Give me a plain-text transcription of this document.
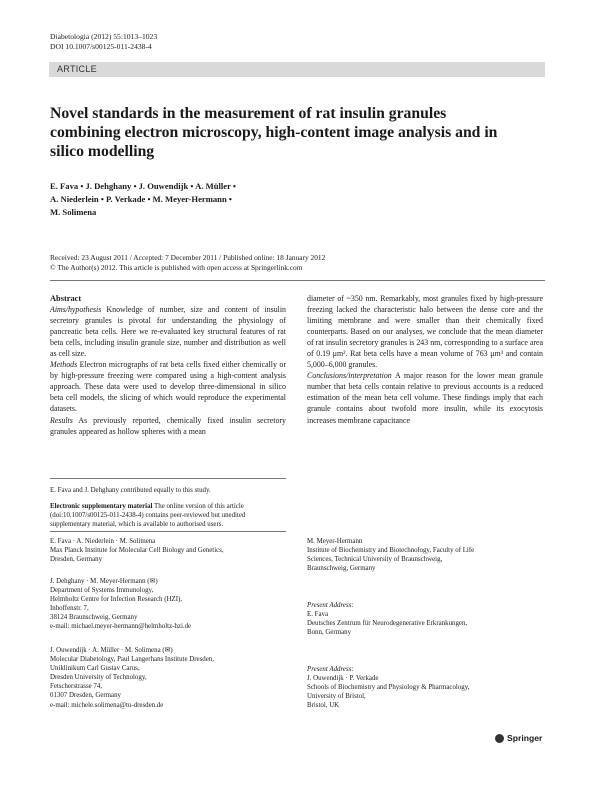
Diabetologia (2012) 55:1013–1023
DOI 10.1007/s00125-011-2438-4
ARTICLE
Novel standards in the measurement of rat insulin granules combining electron microscopy, high-content image analysis and in silico modelling
E. Fava • J. Dehghany • J. Ouwendijk • A. Müller •
A. Niederlein • P. Verkade • M. Meyer-Hermann •
M. Solimena
Received: 23 August 2011 / Accepted: 7 December 2011 / Published online: 18 January 2012
© The Author(s) 2012. This article is published with open access at Springerlink.com

Abstract

Aims/hypothesis Knowledge of number, size and content of insulin secretory granules is pivotal for understanding the physiology of pancreatic beta cells. Here we re-evaluated key structural features of rat beta cells, including insulin granule size, number and distribution as well as cell size.

Methods Electron micrographs of rat beta cells fixed either chemically or by high-pressure freezing were compared using a high-content analysis approach. These data were used to develop three-dimensional in silico beta cell models, the slicing of which would reproduce the experimental datasets.

Results As previously reported, chemically fixed insulin secretory granules appeared as hollow spheres with a mean

diameter of ~350 nm. Remarkably, most granules fixed by high-pressure freezing lacked the characteristic halo between the dense core and the limiting membrane and were smaller than their chemically fixed counterparts. Based on our analyses, we conclude that the mean diameter of rat insulin secretory granules is 243 nm, corresponding to a surface area of 0.19 μm². Rat beta cells have a mean volume of 763 μm³ and contain 5,000–6,000 granules.

Conclusions/interpretation A major reason for the lower mean granule number that beta cells contain relative to previous accounts is a reduced estimation of the mean beta cell volume. These findings imply that each granule contains about twofold more insulin, while its exocytosis increases membrane capacitance

E. Fava and J. Dehghany contributed equally to this study.
Electronic supplementary material The online version of this article (doi:10.1007/s00125-011-2438-4) contains peer-reviewed but unedited supplementary material, which is available to authorised users.

E. Fava · A. Niederlein · M. Solimena

Max Planck Institute for Molecular Cell Biology and Genetics,

Dresden, Germany

J. Dehghany · M. Meyer-Hermann (✉)

Department of Systems Immunology,

Helmholtz Centre for Infection Research (HZI),

Inhoffenstr. 7,

38124 Braunschweig, Germany

e-mail: michael.meyer-hermann@helmholtz-hzi.de

J. Ouwendijk · A. Müller · M. Solimena (✉)

Molecular Diabetology, Paul Langerhans Institute Dresden,

Uniklinikum Carl Gustav Carus,

Dresden University of Technology,

Fetscherstrasse 74,

01307 Dresden, Germany

e-mail: michele.solimena@tu-dresden.de

M. Meyer-Hermann

Institute of Biochemistry and Biotechnology, Faculty of Life

Sciences, Technical University of Braunschweig,

Braunschweig, Germany

Present Address:

E. Fava

Deutsches Zentrum für Neurodegenerative Erkrankungen,

Bonn, Germany

Present Address:

J. Ouwendijk · P. Verkade

Schools of Biochemistry and Physiology & Pharmacology,

University of Bristol,

Bristol, UK

Springer
